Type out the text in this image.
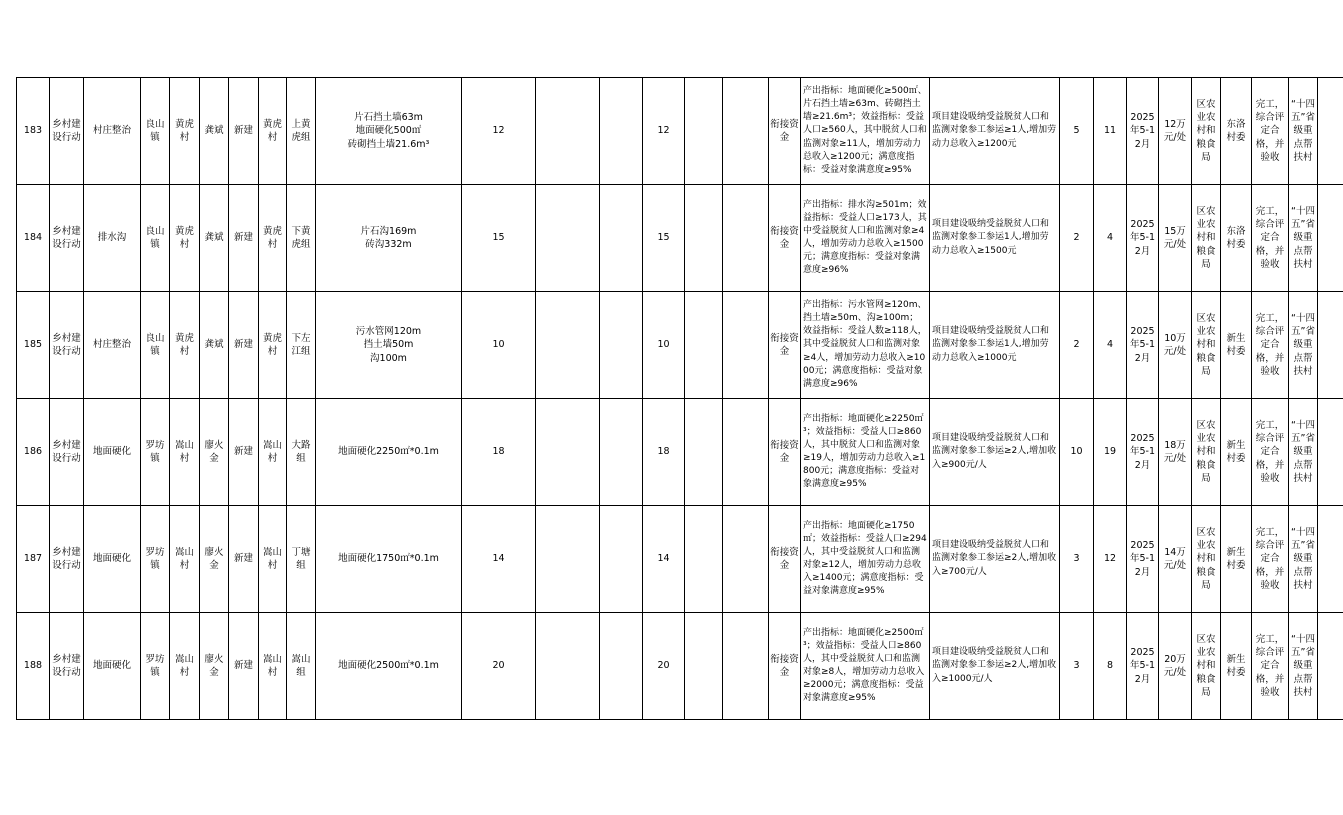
183	乡村建设行动	村庄整治	良山镇	黄虎村	龚斌	新建	黄虎村	上黄虎组	片石挡土墙63m
地面硬化500㎡
砖砌挡土墙21.6m³	12			12			衔接资金	产出指标：地面硬化≥500㎡、片石挡土墙≥63m、砖砌挡土墙≥21.6m³；效益指标：受益人口≥560人，其中脱贫人口和监测对象≥11人，增加劳动力总收入≥1200元；满意度指标：受益对象满意度≥95%	项目建设吸纳受益脱贫人口和监测对象参工参运≥1人,增加劳动力总收入≥1200元	5	11	2025年5-12月	12万元/处	区农业农村和粮食局	东洛村委	完工，综合评定合格，并验收	“十四五”省级重点帮扶村	
184	乡村建设行动	排水沟	良山镇	黄虎村	龚斌	新建	黄虎村	下黄虎组	片石沟169m
砖沟332m	15			15			衔接资金	产出指标：排水沟≥501m；效益指标：受益人口≥173人，其中受益脱贫人口和监测对象≥4人，增加劳动力总收入≥1500元；满意度指标：受益对象满意度≥96%	项目建设吸纳受益脱贫人口和监测对象参工参运1人,增加劳动力总收入≥1500元	2	4	2025年5-12月	15万元/处	区农业农村和粮食局	东洛村委	完工，综合评定合格，并验收	“十四五”省级重点帮扶村	
185	乡村建设行动	村庄整治	良山镇	黄虎村	龚斌	新建	黄虎村	下左江组	污水管网120m
挡土墙50m
沟100m	10			10			衔接资金	产出指标：污水管网≥120m、挡土墙≥50m、沟≥100m；效益指标：受益人数≥118人，其中受益脱贫人口和监测对象≥4人，增加劳动力总收入≥1000元；满意度指标：受益对象满意度≥96%	项目建设吸纳受益脱贫人口和监测对象参工参运1人,增加劳动力总收入≥1000元	2	4	2025年5-12月	10万元/处	区农业农村和粮食局	新生村委	完工，综合评定合格，并验收	“十四五”省级重点帮扶村	
186	乡村建设行动	地面硬化	罗坊镇	嵩山村	廖火金	新建	嵩山村	大路组	地面硬化2250㎡*0.1m	18			18			衔接资金	产出指标：地面硬化≥2250㎡³；效益指标：受益人口≥860人，其中脱贫人口和监测对象≥19人，增加劳动力总收入≥1800元；满意度指标：受益对象满意度≥95%	项目建设吸纳受益脱贫人口和监测对象参工参运≥2人,增加收入≥900元/人	10	19	2025年5-12月	18万元/处	区农业农村和粮食局	新生村委	完工，综合评定合格，并验收	“十四五”省级重点帮扶村	
187	乡村建设行动	地面硬化	罗坊镇	嵩山村	廖火金	新建	嵩山村	丁塘组	地面硬化1750㎡*0.1m	14			14			衔接资金	产出指标：地面硬化≥1750㎡；效益指标：受益人口≥294人，其中受益脱贫人口和监测对象≥12人，增加劳动力总收入≥1400元；满意度指标：受益对象满意度≥95%	项目建设吸纳受益脱贫人口和监测对象参工参运≥2人,增加收入≥700元/人	3	12	2025年5-12月	14万元/处	区农业农村和粮食局	新生村委	完工，综合评定合格，并验收	“十四五”省级重点帮扶村	
188	乡村建设行动	地面硬化	罗坊镇	嵩山村	廖火金	新建	嵩山村	嵩山组	地面硬化2500㎡*0.1m	20			20			衔接资金	产出指标：地面硬化≥2500㎡³；效益指标：受益人口≥860人，其中受益脱贫人口和监测对象≥8人，增加劳动力总收入≥2000元；满意度指标：受益对象满意度≥95%	项目建设吸纳受益脱贫人口和监测对象参工参运≥2人,增加收入≥1000元/人	3	8	2025年5-12月	20万元/处	区农业农村和粮食局	新生村委	完工，综合评定合格，并验收	“十四五”省级重点帮扶村	
